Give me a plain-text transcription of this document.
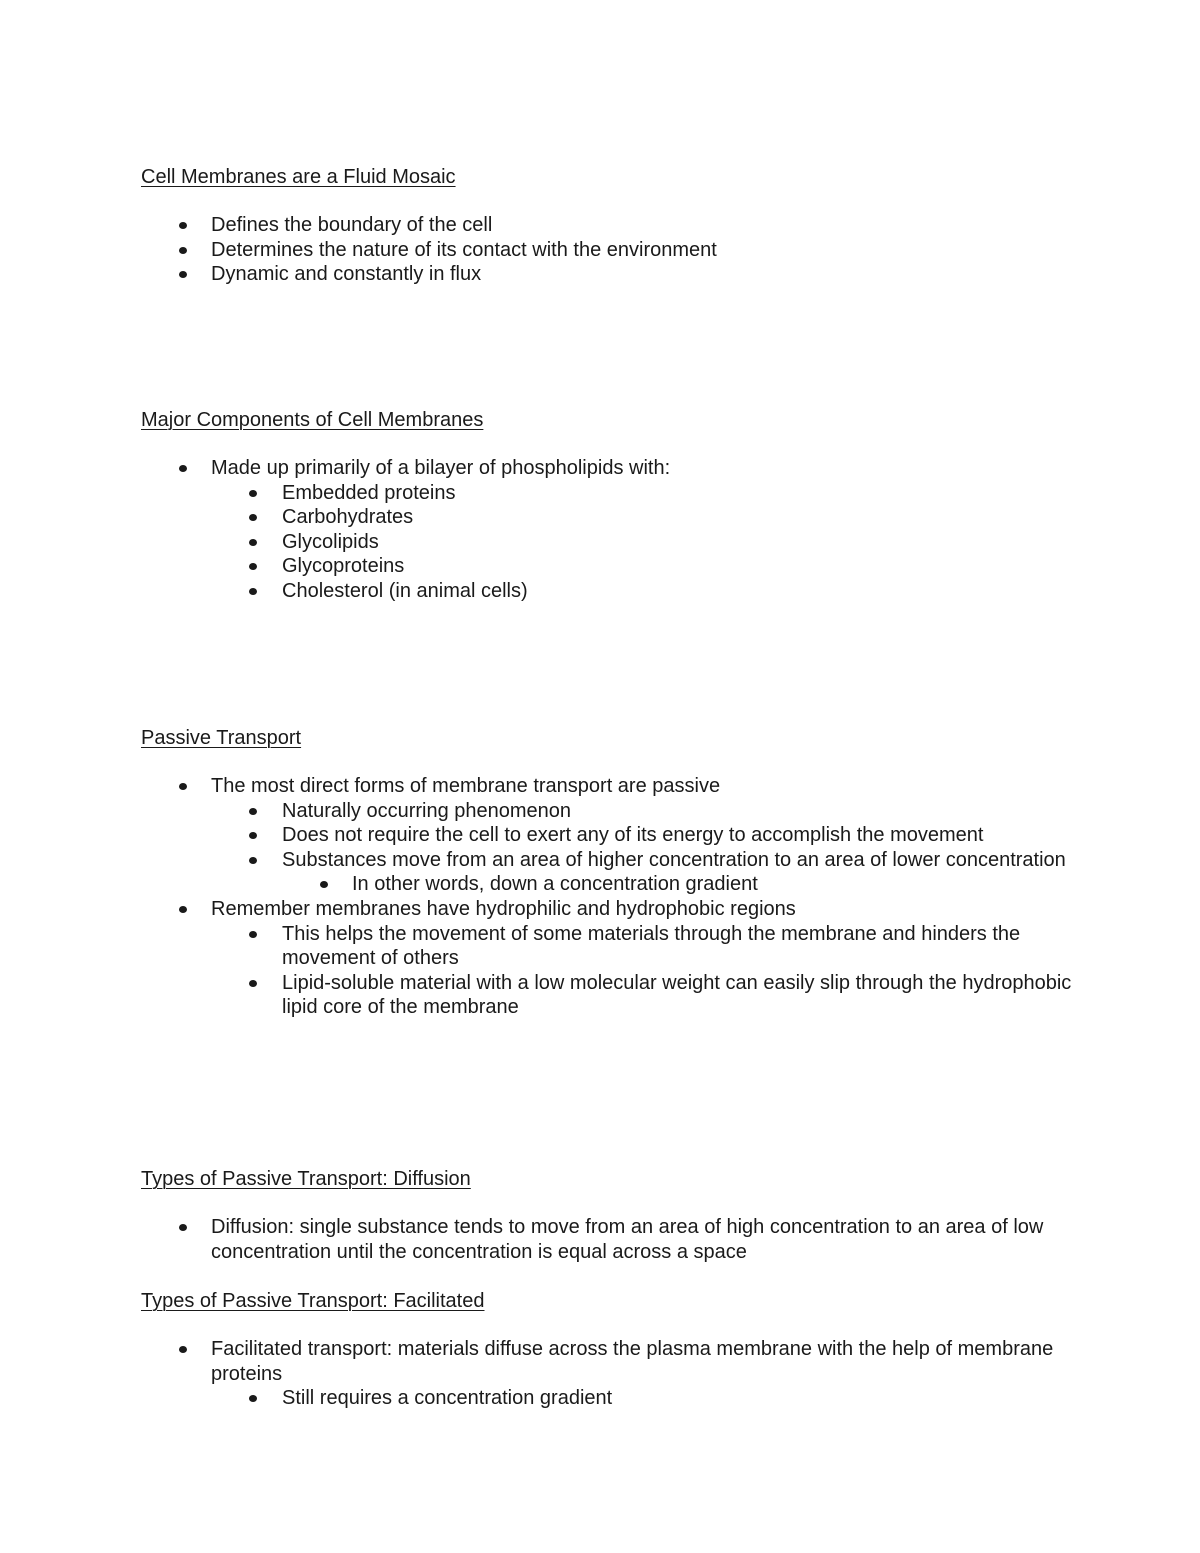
Cell Membranes are a Fluid Mosaic
Defines the boundary of the cell
Determines the nature of its contact with the environment
Dynamic and constantly in flux
Major Components of Cell Membranes
Made up primarily of a bilayer of phospholipids with:
Embedded proteins
Carbohydrates
Glycolipids
Glycoproteins
Cholesterol (in animal cells)
Passive Transport
The most direct forms of membrane transport are passive
Naturally occurring phenomenon
Does not require the cell to exert any of its energy to accomplish the movement
Substances move from an area of higher concentration to an area of lower concentration
In other words, down a concentration gradient
Remember membranes have hydrophilic and hydrophobic regions
This helps the movement of some materials through the membrane and hinders the movement of others
Lipid-soluble material with a low molecular weight can easily slip through the hydrophobic lipid core of the membrane
Types of Passive Transport: Diffusion
Diffusion: single substance tends to move from an area of high concentration to an area of low concentration until the concentration is equal across a space
Types of Passive Transport: Facilitated
Facilitated transport: materials diffuse across the plasma membrane with the help of membrane proteins
Still requires a concentration gradient
